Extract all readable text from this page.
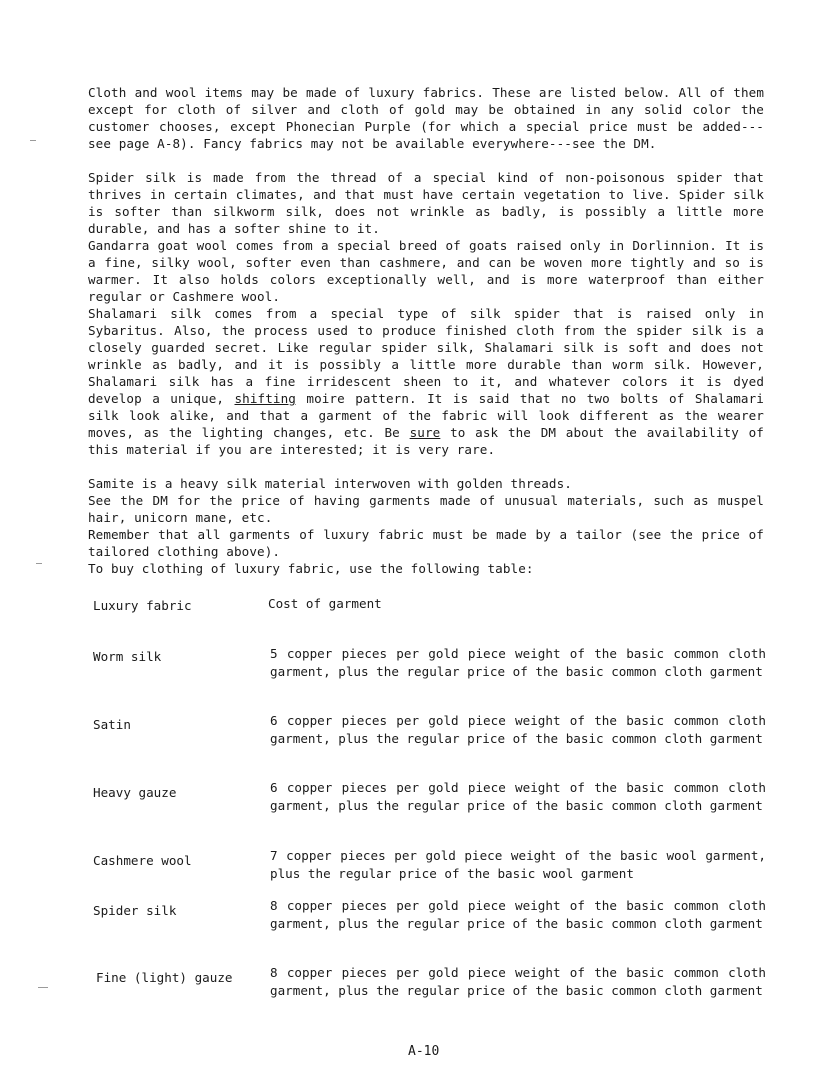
Cloth and wool items may be made of luxury fabrics. These are listed below. All of them except for cloth of silver and cloth of gold may be obtained in any solid color the customer chooses, except Phonecian Purple (for which a special price must be added---see page A-8). Fancy fabrics may not be available everywhere---see the DM.

Spider silk is made from the thread of a special kind of non-poisonous spider that thrives in certain climates, and that must have certain vegetation to live. Spider silk is softer than silkworm silk, does not wrinkle as badly, is possibly a little more durable, and has a softer shine to it.

Gandarra goat wool comes from a special breed of goats raised only in Dorlinnion. It is a fine, silky wool, softer even than cashmere, and can be woven more tightly and so is warmer. It also holds colors exceptionally well, and is more waterproof than either regular or Cashmere wool.

Shalamari silk comes from a special type of silk spider that is raised only in Sybaritus. Also, the process used to produce finished cloth from the spider silk is a closely guarded secret. Like regular spider silk, Shalamari silk is soft and does not wrinkle as badly, and it is possibly a little more durable than worm silk. However, Shalamari silk has a fine irridescent sheen to it, and whatever colors it is dyed develop a unique, shifting moire pattern. It is said that no two bolts of Shalamari silk look alike, and that a garment of the fabric will look different as the wearer moves, as the lighting changes, etc. Be sure to ask the DM about the availability of this material if you are interested; it is very rare.

Samite is a heavy silk material interwoven with golden threads.

See the DM for the price of having garments made of unusual materials, such as muspel hair, unicorn mane, etc.

Remember that all garments of luxury fabric must be made by a tailor (see the price of tailored clothing above).

To buy clothing of luxury fabric, use the following table:

Luxury fabric	Cost of garment
Worm silk	5 copper pieces per gold piece weight of the basic common cloth garment, plus the regular price of the basic common cloth garment
Satin	6 copper pieces per gold piece weight of the basic common cloth garment, plus the regular price of the basic common cloth garment
Heavy gauze	6 copper pieces per gold piece weight of the basic common cloth garment, plus the regular price of the basic common cloth garment
Cashmere wool	7 copper pieces per gold piece weight of the basic wool garment, plus the regular price of the basic wool garment
Spider silk	8 copper pieces per gold piece weight of the basic common cloth garment, plus the regular price of the basic common cloth garment
Fine (light) gauze	8 copper pieces per gold piece weight of the basic common cloth garment, plus the regular price of the basic common cloth garment
A-10
